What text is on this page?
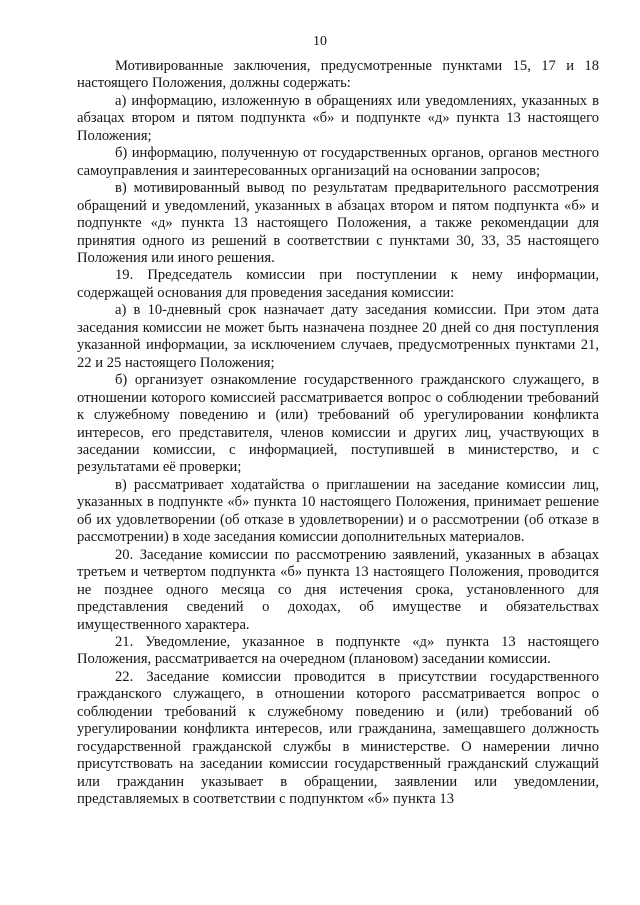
10

Мотивированные заключения, предусмотренные пунктами 15, 17 и 18 настоящего Положения, должны содержать:

а) информацию, изложенную в обращениях или уведомлениях, указанных в абзацах втором и пятом подпункта «б» и подпункте «д» пункта 13 настоящего Положения;

б) информацию, полученную от государственных органов, органов местного самоуправления и заинтересованных организаций на основании запросов;

в) мотивированный вывод по результатам предварительного рассмотрения обращений и уведомлений, указанных в абзацах втором и пятом подпункта «б» и подпункте «д» пункта 13 настоящего Положения, а также рекомендации для принятия одного из решений в соответствии с пунктами 30, 33, 35 настоящего Положения или иного решения.

19. Председатель комиссии при поступлении к нему информации, содержащей основания для проведения заседания комиссии:

а) в 10-дневный срок назначает дату заседания комиссии. При этом дата заседания комиссии не может быть назначена позднее 20 дней со дня поступления указанной информации, за исключением случаев, предусмотренных пунктами 21, 22 и 25 настоящего Положения;

б) организует ознакомление государственного гражданского служащего, в отношении которого комиссией рассматривается вопрос о соблюдении требований к служебному поведению и (или) требований об урегулировании конфликта интересов, его представителя, членов комиссии и других лиц, участвующих в заседании комиссии, с информацией, поступившей в министерство, и с результатами её проверки;

в) рассматривает ходатайства о приглашении на заседание комиссии лиц, указанных в подпункте «б» пункта 10 настоящего Положения, принимает решение об их удовлетворении (об отказе в удовлетворении) и о рассмотрении (об отказе в рассмотрении) в ходе заседания комиссии дополнительных материалов.

20. Заседание комиссии по рассмотрению заявлений, указанных в абзацах третьем и четвертом подпункта «б» пункта 13 настоящего Положения, проводится не позднее одного месяца со дня истечения срока, установленного для представления сведений о доходах, об имуществе и обязательствах имущественного характера.

21. Уведомление, указанное в подпункте «д» пункта 13 настоящего Положения, рассматривается на очередном (плановом) заседании комиссии.

22. Заседание комиссии проводится в присутствии государственного гражданского служащего, в отношении которого рассматривается вопрос о соблюдении требований к служебному поведению и (или) требований об урегулировании конфликта интересов, или гражданина, замещавшего должность государственной гражданской службы в министерстве. О намерении лично присутствовать на заседании комиссии государственный гражданский служащий или гражданин указывает в обращении, заявлении или уведомлении, представляемых в соответствии с подпунктом «б» пункта 13
